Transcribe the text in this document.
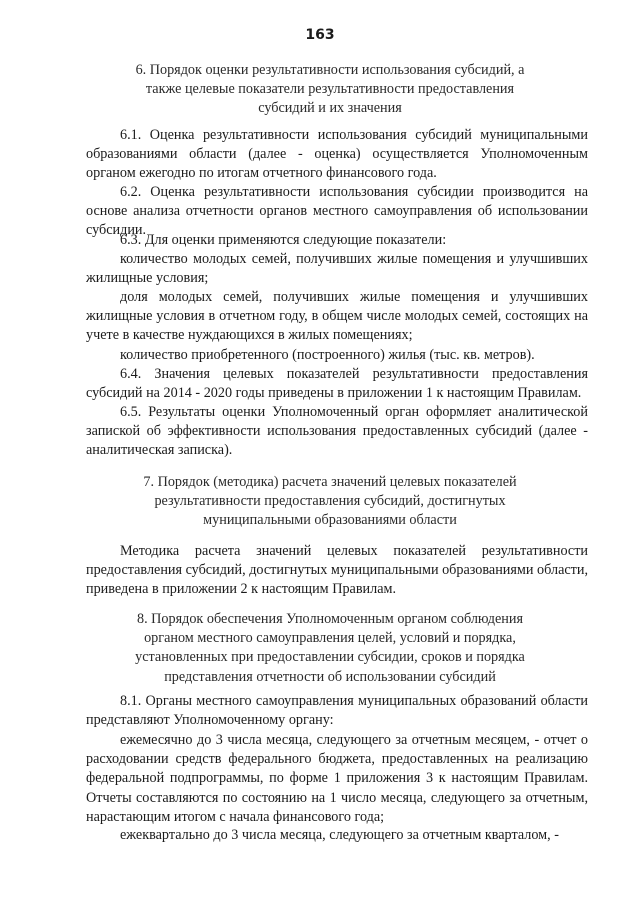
163
6. Порядок оценки результативности использования субсидий, а также целевые показатели результативности предоставления субсидий и их значения
6.1. Оценка результативности использования субсидий муниципальными образованиями области (далее - оценка) осуществляется Уполномоченным органом ежегодно по итогам отчетного финансового года.
6.2. Оценка результативности использования субсидии производится на основе анализа отчетности органов местного самоуправления об использовании субсидии.
6.3. Для оценки применяются следующие показатели:
количество молодых семей, получивших жилые помещения и улучшивших жилищные условия;
доля молодых семей, получивших жилые помещения и улучшивших жилищные условия в отчетном году, в общем числе молодых семей, состоящих на учете в качестве нуждающихся в жилых помещениях;
количество приобретенного (построенного) жилья (тыс. кв. метров).
6.4. Значения целевых показателей результативности предоставления субсидий на 2014 - 2020 годы приведены в приложении 1 к настоящим Правилам.
6.5. Результаты оценки Уполномоченный орган оформляет аналитической запиской об эффективности использования предоставленных субсидий (далее - аналитическая записка).
7. Порядок (методика) расчета значений целевых показателей результативности предоставления субсидий, достигнутых муниципальными образованиями области
Методика расчета значений целевых показателей результативности предоставления субсидий, достигнутых муниципальными образованиями области, приведена в приложении 2 к настоящим Правилам.
8. Порядок обеспечения Уполномоченным органом соблюдения органом местного самоуправления целей, условий и порядка, установленных при предоставлении субсидии, сроков и порядка представления отчетности об использовании субсидий
8.1. Органы местного самоуправления муниципальных образований области представляют Уполномоченному органу:
ежемесячно до 3 числа месяца, следующего за отчетным месяцем, - отчет о расходовании средств федерального бюджета, предоставленных на реализацию федеральной подпрограммы, по форме 1 приложения 3 к настоящим Правилам. Отчеты составляются по состоянию на 1 число месяца, следующего за отчетным, нарастающим итогом с начала финансового года;
ежеквартально до 3 числа месяца, следующего за отчетным кварталом, -
